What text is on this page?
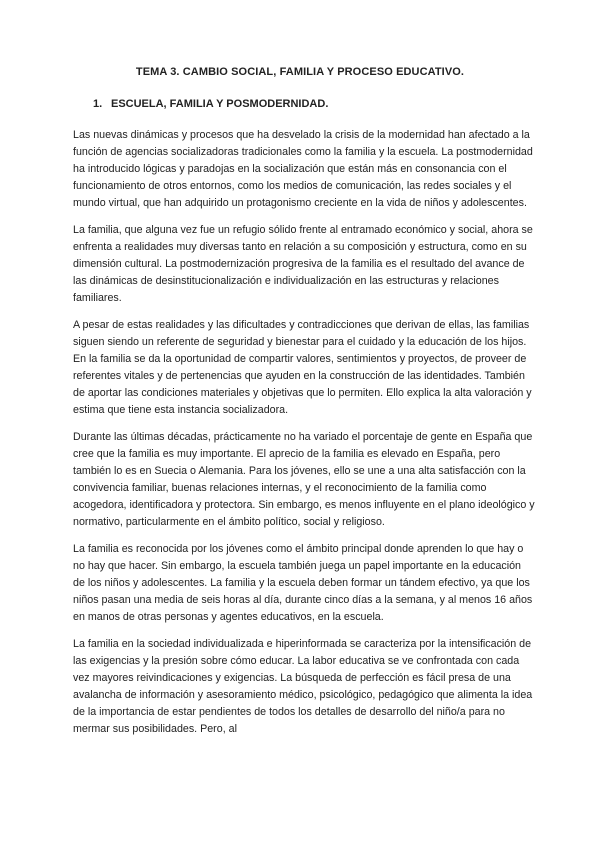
TEMA 3. CAMBIO SOCIAL, FAMILIA Y PROCESO EDUCATIVO.
1. ESCUELA, FAMILIA Y POSMODERNIDAD.

Las nuevas dinámicas y procesos que ha desvelado la crisis de la modernidad han afectado a la función de agencias socializadoras tradicionales como la familia y la escuela. La postmodernidad ha introducido lógicas y paradojas en la socialización que están más en consonancia con el funcionamiento de otros entornos, como los medios de comunicación, las redes sociales y el mundo virtual, que han adquirido un protagonismo creciente en la vida de niños y adolescentes.

La familia, que alguna vez fue un refugio sólido frente al entramado económico y social, ahora se enfrenta a realidades muy diversas tanto en relación a su composición y estructura, como en su dimensión cultural. La postmodernización progresiva de la familia es el resultado del avance de las dinámicas de desinstitucionalización e individualización en las estructuras y relaciones familiares.

A pesar de estas realidades y las dificultades y contradicciones que derivan de ellas, las familias siguen siendo un referente de seguridad y bienestar para el cuidado y la educación de los hijos. En la familia se da la oportunidad de compartir valores, sentimientos y proyectos, de proveer de referentes vitales y de pertenencias que ayuden en la construcción de las identidades. También de aportar las condiciones materiales y objetivas que lo permiten. Ello explica la alta valoración y estima que tiene esta instancia socializadora.

Durante las últimas décadas, prácticamente no ha variado el porcentaje de gente en España que cree que la familia es muy importante. El aprecio de la familia es elevado en España, pero también lo es en Suecia o Alemania. Para los jóvenes, ello se une a una alta satisfacción con la convivencia familiar, buenas relaciones internas, y el reconocimiento de la familia como acogedora, identificadora y protectora. Sin embargo, es menos influyente en el plano ideológico y normativo, particularmente en el ámbito político, social y religioso.

La familia es reconocida por los jóvenes como el ámbito principal donde aprenden lo que hay o no hay que hacer. Sin embargo, la escuela también juega un papel importante en la educación de los niños y adolescentes. La familia y la escuela deben formar un tándem efectivo, ya que los niños pasan una media de seis horas al día, durante cinco días a la semana, y al menos 16 años en manos de otras personas y agentes educativos, en la escuela.

La familia en la sociedad individualizada e hiperinformada se caracteriza por la intensificación de las exigencias y la presión sobre cómo educar. La labor educativa se ve confrontada con cada vez mayores reivindicaciones y exigencias. La búsqueda de perfección es fácil presa de una avalancha de información y asesoramiento médico, psicológico, pedagógico que alimenta la idea de la importancia de estar pendientes de todos los detalles de desarrollo del niño/a para no mermar sus posibilidades. Pero, al
